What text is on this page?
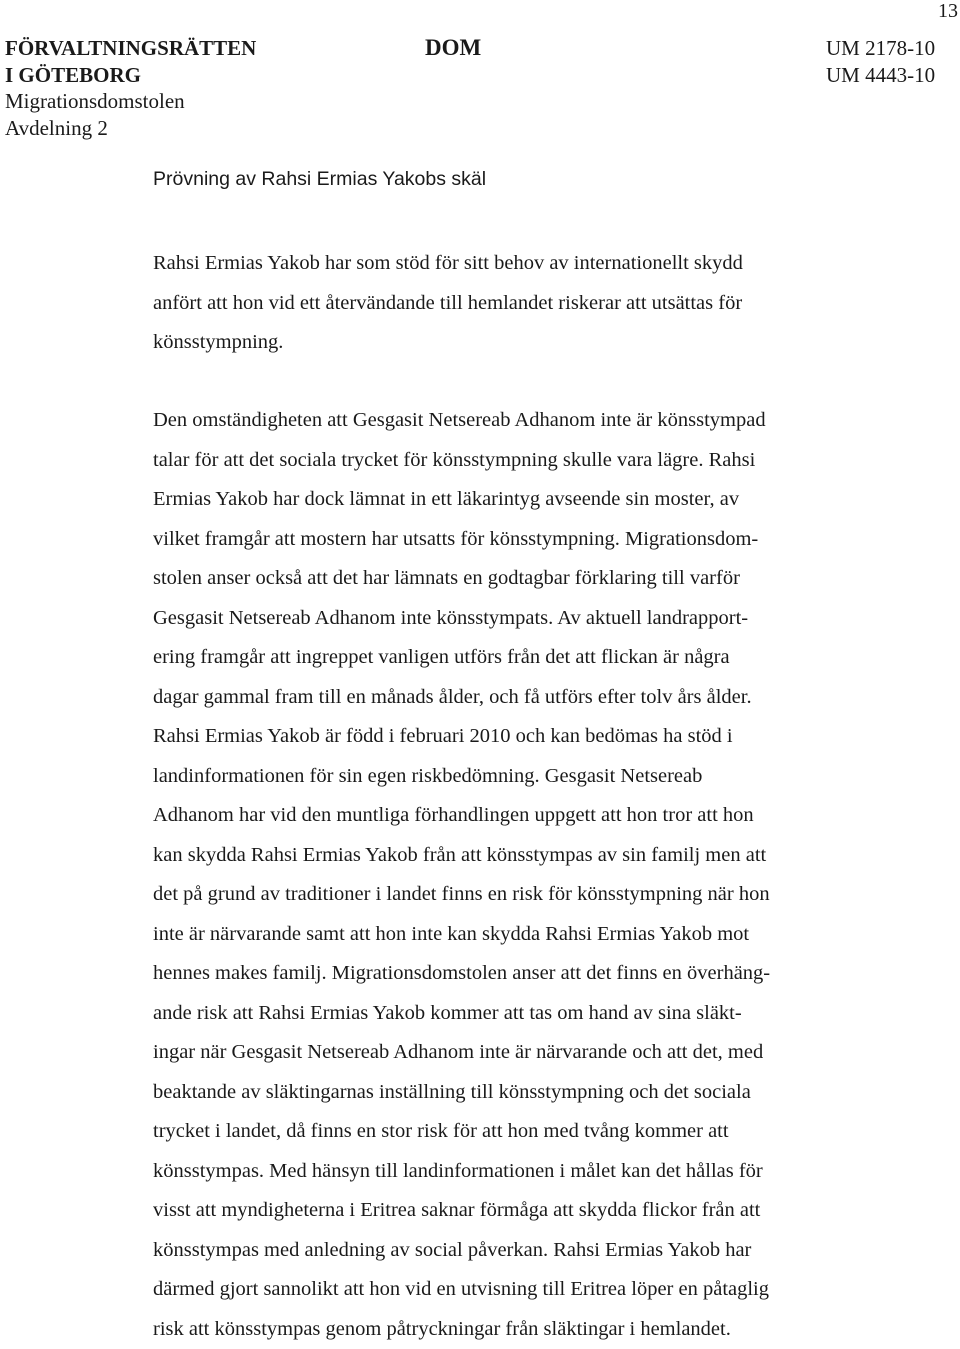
13
FÖRVALTNINGSRÄTTEN
I GÖTEBORG
Migrationsdomstolen
Avdelning 2
DOM	UM 2178-10
UM 4443-10
Prövning av Rahsi Ermias Yakobs skäl
Rahsi Ermias Yakob har som stöd för sitt behov av internationellt skydd
anfört att hon vid ett återvändande till hemlandet riskerar att utsättas för
könsstympning.
Den omständigheten att Gesgasit Netsereab Adhanom inte är könsstympad
talar för att det sociala trycket för könsstympning skulle vara lägre. Rahsi
Ermias Yakob har dock lämnat in ett läkarintyg avseende sin moster, av
vilket framgår att mostern har utsatts för könsstympning. Migrationsdom-
stolen anser också att det har lämnats en godtagbar förklaring till varför
Gesgasit Netsereab Adhanom inte könsstympats. Av aktuell landrapport-
ering framgår att ingreppet vanligen utförs från det att flickan är några
dagar gammal fram till en månads ålder, och få utförs efter tolv års ålder.
Rahsi Ermias Yakob är född i februari 2010 och kan bedömas ha stöd i
landinformationen för sin egen riskbedömning. Gesgasit Netsereab
Adhanom har vid den muntliga förhandlingen uppgett att hon tror att hon
kan skydda Rahsi Ermias Yakob från att könsstympas av sin familj men att
det på grund av traditioner i landet finns en risk för könsstympning när hon
inte är närvarande samt att hon inte kan skydda Rahsi Ermias Yakob mot
hennes makes familj. Migrationsdomstolen anser att det finns en överhäng-
ande risk att Rahsi Ermias Yakob kommer att tas om hand av sina släkt-
ingar när Gesgasit Netsereab Adhanom inte är närvarande och att det, med
beaktande av släktingarnas inställning till könsstympning och det sociala
trycket i landet, då finns en stor risk för att hon med tvång kommer att
könsstympas. Med hänsyn till landinformationen i målet kan det hållas för
visst att myndigheterna i Eritrea saknar förmåga att skydda flickor från att
könsstympas med anledning av social påverkan. Rahsi Ermias Yakob har
därmed gjort sannolikt att hon vid en utvisning till Eritrea löper en påtaglig
risk att könsstympas genom påtryckningar från släktingar i hemlandet.
